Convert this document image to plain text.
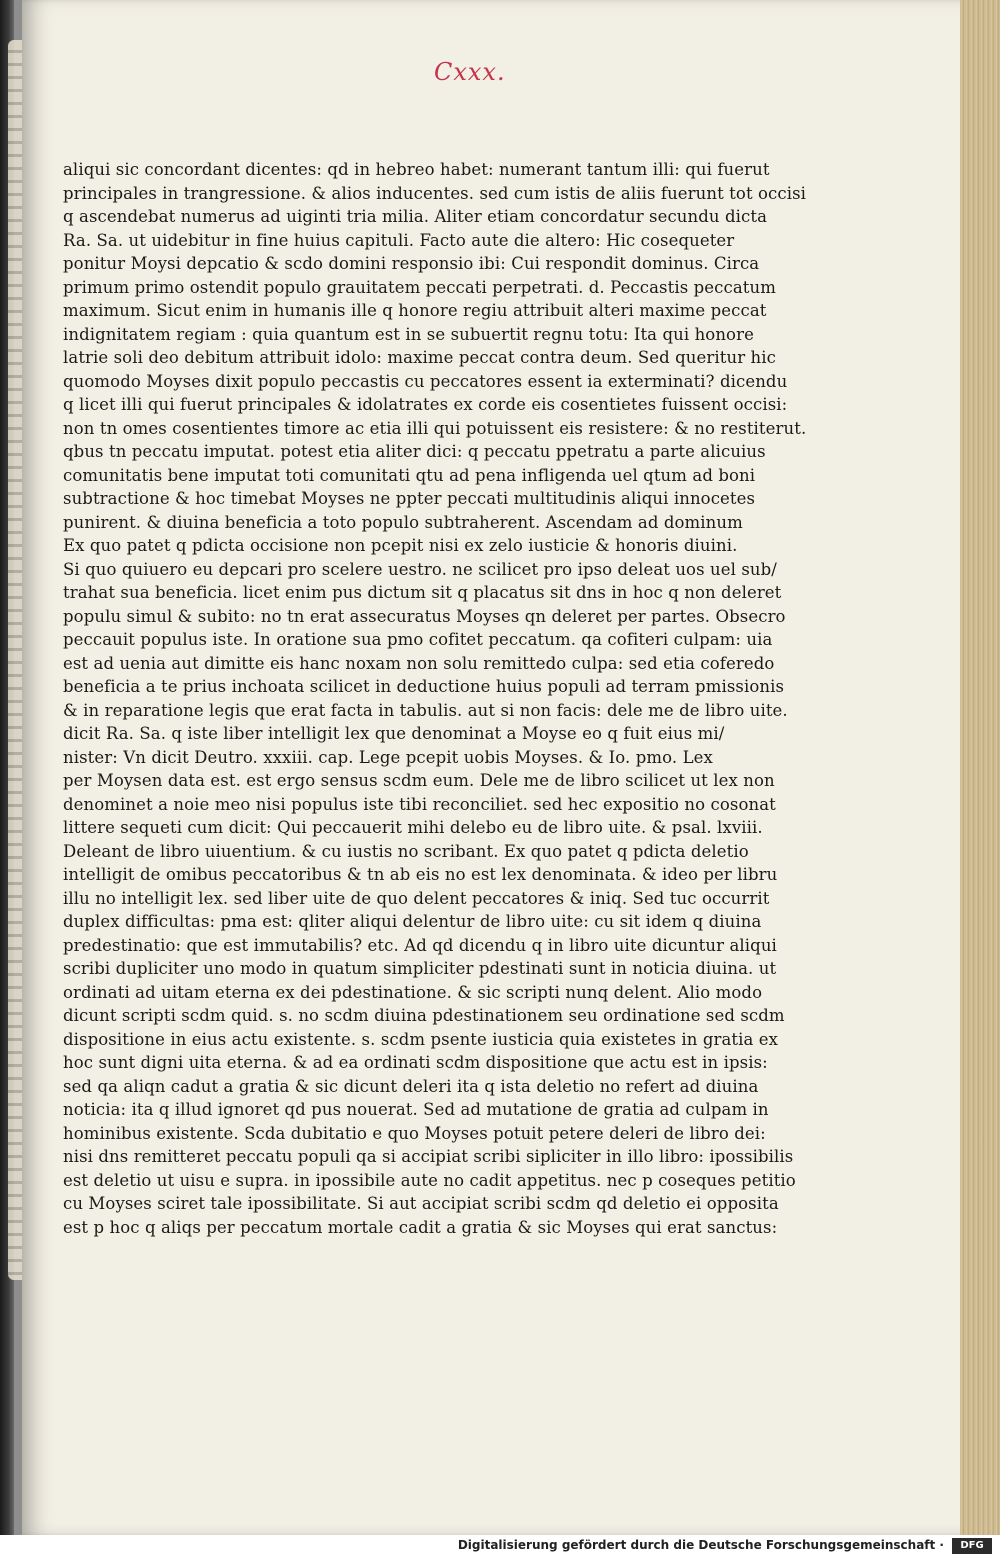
Cxxx.
aliqui sic concordant dicentes: qd in hebreo habet: numerant tantum illi: qui fuerut
principales in trangressione. & alios inducentes. sed cum istis de aliis fuerunt tot occisi
q ascendebat numerus ad uiginti tria milia. Aliter etiam concordatur secundu dicta
Ra. Sa. ut uidebitur in fine huius capituli. Facto aute die altero: Hic cosequeter
ponitur Moysi depcatio & scdo domini responsio ibi: Cui respondit dominus. Circa
primum primo ostendit populo grauitatem peccati perpetrati. d. Peccastis peccatum
maximum. Sicut enim in humanis ille q honore regiu attribuit alteri maxime peccat
indignitatem regiam : quia quantum est in se subuertit regnu totu: Ita qui honore
latrie soli deo debitum attribuit idolo: maxime peccat contra deum. Sed queritur hic
quomodo Moyses dixit populo peccastis cu peccatores essent ia exterminati? dicendu
q licet illi qui fuerut principales & idolatrates ex corde eis cosentietes fuissent occisi:
non tn omes cosentientes timore ac etia illi qui potuissent eis resistere: & no restiterut.
qbus tn peccatu imputat. potest etia aliter dici: q peccatu ppetratu a parte alicuius
comunitatis bene imputat toti comunitati qtu ad pena infligenda uel qtum ad boni
subtractione & hoc timebat Moyses ne ppter peccati multitudinis aliqui innocetes
punirent. & diuina beneficia a toto populo subtraherent. Ascendam ad dominum
Ex quo patet q pdicta occisione non pcepit nisi ex zelo iusticie & honoris diuini.
Si quo quiuero eu depcari pro scelere uestro. ne scilicet pro ipso deleat uos uel sub/
trahat sua beneficia. licet enim pus dictum sit q placatus sit dns in hoc q non deleret
populu simul & subito: no tn erat assecuratus Moyses qn deleret per partes. Obsecro
peccauit populus iste. In oratione sua pmo cofitet peccatum. qa cofiteri culpam: uia
est ad uenia aut dimitte eis hanc noxam non solu remittedo culpa: sed etia coferedo
beneficia a te prius inchoata scilicet in deductione huius populi ad terram pmissionis
& in reparatione legis que erat facta in tabulis. aut si non facis: dele me de libro uite.
dicit Ra. Sa. q iste liber intelligit lex que denominat a Moyse eo q fuit eius mi/
nister: Vn dicit Deutro. xxxiii. cap. Lege pcepit uobis Moyses. & Io. pmo. Lex
per Moysen data est. est ergo sensus scdm eum. Dele me de libro scilicet ut lex non
denominet a noie meo nisi populus iste tibi reconciliet. sed hec expositio no cosonat
littere sequeti cum dicit: Qui peccauerit mihi delebo eu de libro uite. & psal. lxviii.
Deleant de libro uiuentium. & cu iustis no scribant. Ex quo patet q pdicta deletio
intelligit de omibus peccatoribus & tn ab eis no est lex denominata. & ideo per libru
illu no intelligit lex. sed liber uite de quo delent peccatores & iniq. Sed tuc occurrit
duplex difficultas: pma est: qliter aliqui delentur de libro uite: cu sit idem q diuina
predestinatio: que est immutabilis? etc. Ad qd dicendu q in libro uite dicuntur aliqui
scribi dupliciter uno modo in quatum simpliciter pdestinati sunt in noticia diuina. ut
ordinati ad uitam eterna ex dei pdestinatione. & sic scripti nunq delent. Alio modo
dicunt scripti scdm quid. s. no scdm diuina pdestinationem seu ordinatione sed scdm
dispositione in eius actu existente. s. scdm psente iusticia quia existetes in gratia ex
hoc sunt digni uita eterna. & ad ea ordinati scdm dispositione que actu est in ipsis:
sed qa aliqn cadut a gratia & sic dicunt deleri ita q ista deletio no refert ad diuina
noticia: ita q illud ignoret qd pus nouerat. Sed ad mutatione de gratia ad culpam in
hominibus existente. Scda dubitatio e quo Moyses potuit petere deleri de libro dei:
nisi dns remitteret peccatu populi qa si accipiat scribi sipliciter in illo libro: ipossibilis
est deletio ut uisu e supra. in ipossibile aute no cadit appetitus. nec p coseques petitio
cu Moyses sciret tale ipossibilitate. Si aut accipiat scribi scdm qd deletio ei opposita
est p hoc q aliqs per peccatum mortale cadit a gratia & sic Moyses qui erat sanctus:
Digitalisierung gefördert durch die Deutsche Forschungsgemeinschaft ·	DFG
